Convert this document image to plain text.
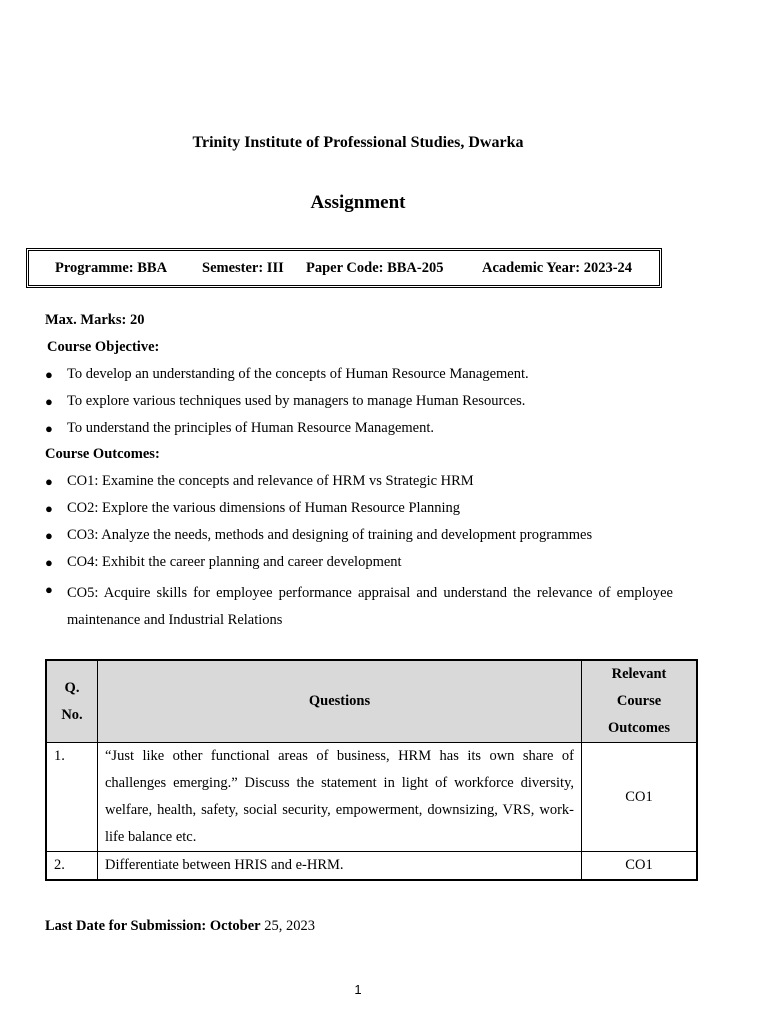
Trinity Institute of Professional Studies, Dwarka
Assignment
Programme: BBA Semester: III Paper Code: BBA-205	Academic Year: 2023-24
Max. Marks: 20
Course Objective:
● To develop an understanding of the concepts of Human Resource Management.
● To explore various techniques used by managers to manage Human Resources.
● To understand the principles of Human Resource Management.
Course Outcomes:
● CO1: Examine the concepts and relevance of HRM vs Strategic HRM
● CO2: Explore the various dimensions of Human Resource Planning
● CO3: Analyze the needs, methods and designing of training and development programmes
● CO4: Exhibit the career planning and career development
● CO5: Acquire skills for employee performance appraisal and understand the relevance of employee maintenance and Industrial Relations
Q. No.	Questions	Relevant Course Outcomes
1.	“Just like other functional areas of business, HRM has its own share of challenges emerging.” Discuss the statement in light of workforce diversity, welfare, health, safety, social security, empowerment, downsizing, VRS, work-life balance etc.	CO1
2.	Differentiate between HRIS and e-HRM.	CO1
Last Date for Submission: October 25, 2023
1
